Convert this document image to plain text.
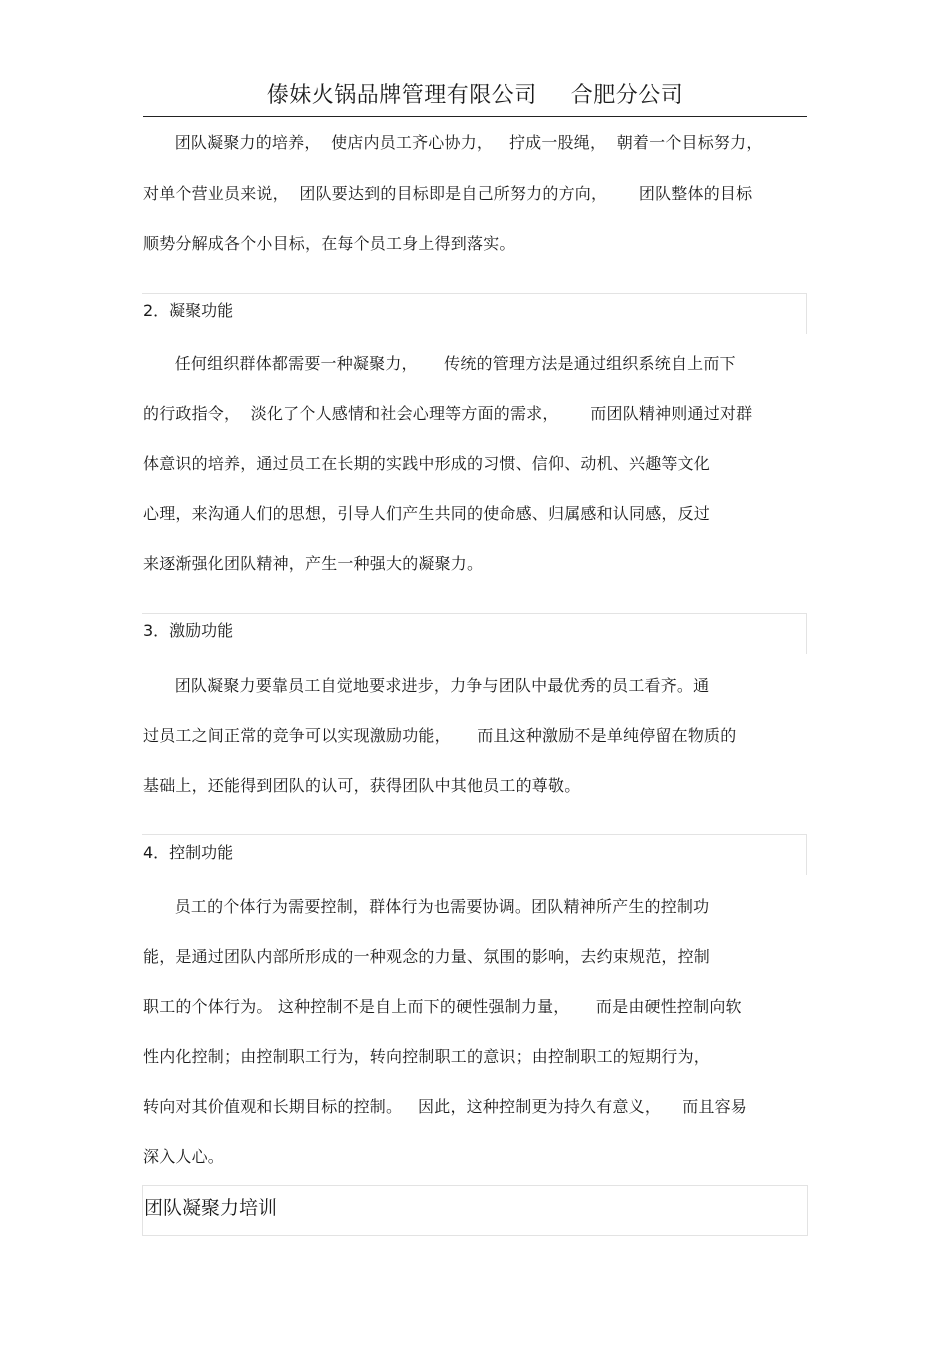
傣妹火锅品牌管理有限公司 合肥分公司
团队凝聚力的培养，  使店内员工齐心协力，   拧成一股绳，  朝着一个目标努力，
对单个营业员来说，  团队要达到的目标即是自己所努力的方向，      团队整体的目标
顺势分解成各个小目标，在每个员工身上得到落实。
2．凝聚功能
任何组织群体都需要一种凝聚力，     传统的管理方法是通过组织系统自上而下
的行政指令，  淡化了个人感情和社会心理等方面的需求，      而团队精神则通过对群
体意识的培养，通过员工在长期的实践中形成的习惯、信仰、动机、兴趣等文化
心理，来沟通人们的思想，引导人们产生共同的使命感、归属感和认同感，反过
来逐渐强化团队精神，产生一种强大的凝聚力。
3．激励功能
团队凝聚力要靠员工自觉地要求进步，力争与团队中最优秀的员工看齐。通
过员工之间正常的竞争可以实现激励功能，     而且这种激励不是单纯停留在物质的
基础上，还能得到团队的认可，获得团队中其他员工的尊敬。
4．控制功能
员工的个体行为需要控制，群体行为也需要协调。团队精神所产生的控制功
能，是通过团队内部所形成的一种观念的力量、氛围的影响，去约束规范，控制
职工的个体行为。 这种控制不是自上而下的硬性强制力量，     而是由硬性控制向软
性内化控制；由控制职工行为，转向控制职工的意识；由控制职工的短期行为，
转向对其价值观和长期目标的控制。   因此，这种控制更为持久有意义，    而且容易
深入人心。
团队凝聚力培训
